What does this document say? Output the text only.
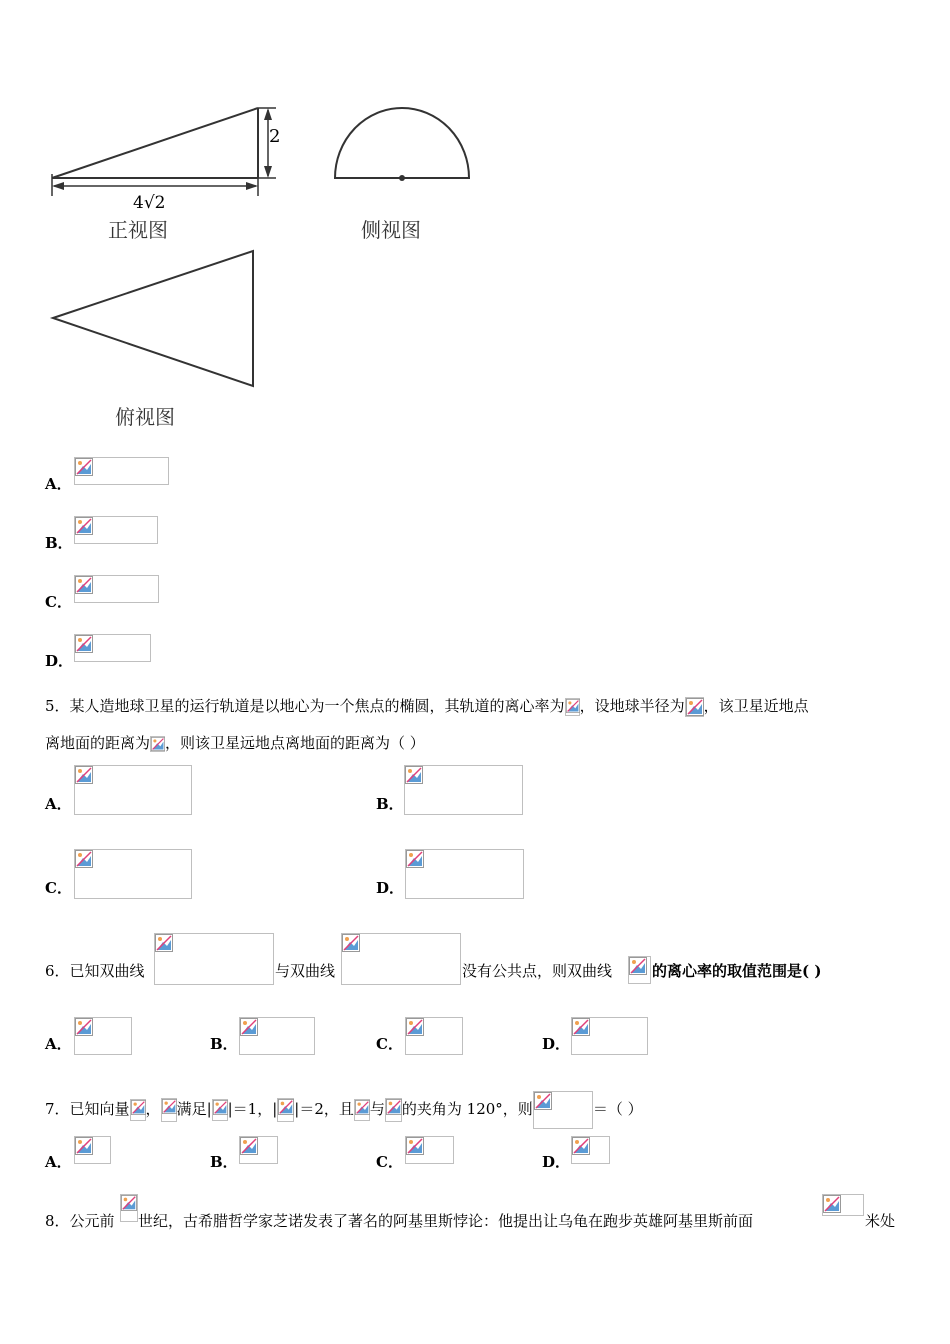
2
4√2
正视图	侧视图
俯视图
A．
B．
C．
D．
5．某人造地球卫星的运行轨道是以地心为一个焦点的椭圆，其轨道的离心率为 ，设地球半径为 ，该卫星近地点
离地面的距离为 ，则该卫星远地点离地面的距离为（ ）
A．	B．
C．	D．
6．已知双曲线	与双曲线	没有公共点，则双曲线	的离心率的取值范围是( )
A．	B．	C．	D．
7．已知向量 ， 满足| |＝1，| |＝2，且 与 的夹角为 120°，则	＝（ ）
A．	B．	C．	D．
8．公元前 世纪，古希腊哲学家芝诺发表了著名的阿基里斯悖论：他提出让乌龟在跑步英雄阿基里斯前面	米处
